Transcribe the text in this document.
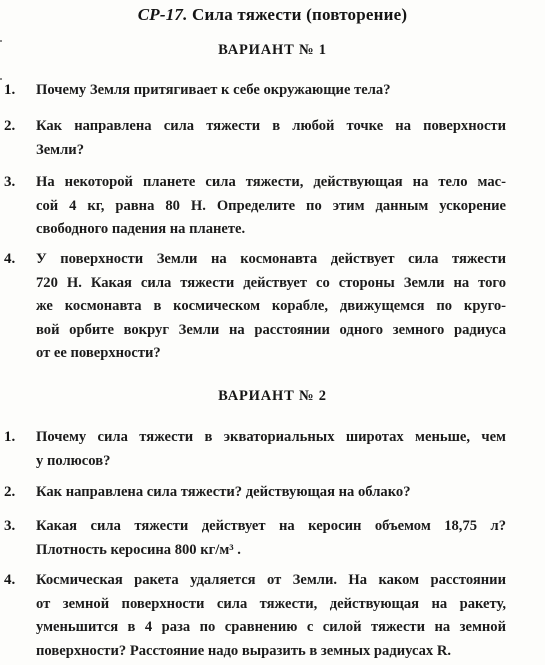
СР-17. Сила тяжести (повторение)
ВАРИАНТ № 1
1. Почему Земля притягивает к себе окружающие тела?
2. Как направлена сила тяжести в любой точке на поверхности
Земли?
3. На некоторой планете сила тяжести, действующая на тело мас-
сой 4 кг, равна 80 Н. Определите по этим данным ускорение
свободного падения на планете.
4. У поверхности Земли на космонавта действует сила тяжести
720 Н. Какая сила тяжести действует со стороны Земли на того
же космонавта в космическом корабле, движущемся по круго-
вой орбите вокруг Земли на расстоянии одного земного радиуса
от ее поверхности?
ВАРИАНТ № 2
1. Почему сила тяжести в экваториальных широтах меньше, чем
у полюсов?
2. Как направлена сила тяжести? действующая на облако?
3. Какая сила тяжести действует на керосин объемом 18,75 л?
Плотность керосина 800 кг/м³ .
4. Космическая ракета удаляется от Земли. На каком расстоянии
от земной поверхности сила тяжести, действующая на ракету,
уменьшится в 4 раза по сравнению с силой тяжести на земной
поверхности? Расстояние надо выразить в земных радиусах R.
